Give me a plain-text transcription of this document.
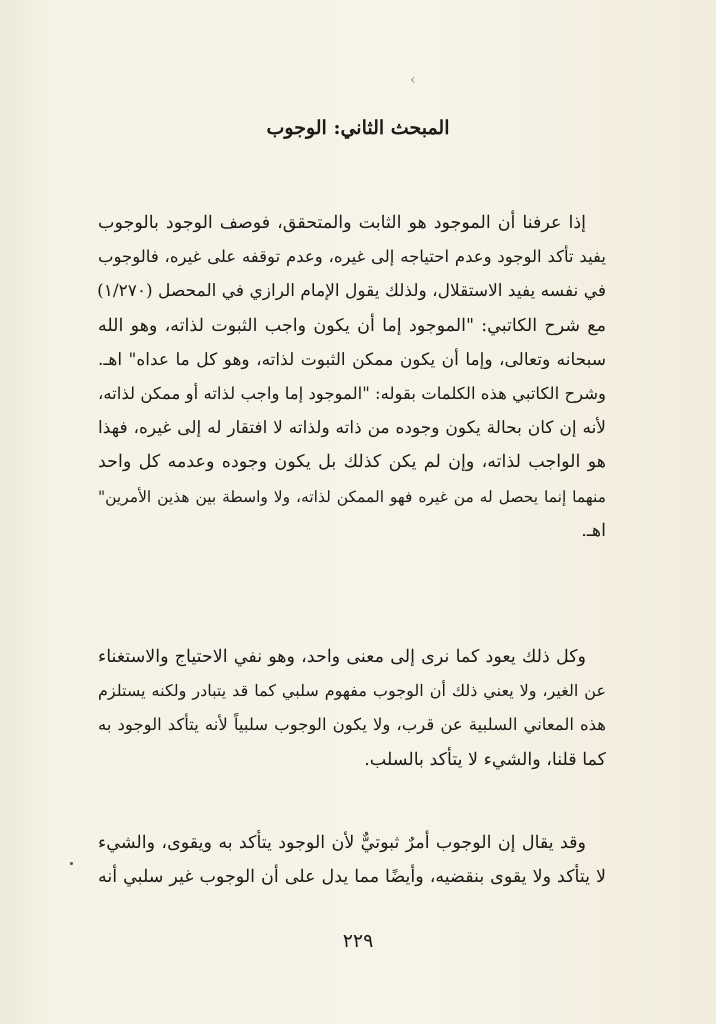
‹
المبحث الثاني: الوجوب
إذا عرفنا أن الموجود هو الثابت والمتحقق، فوصف الوجود بالوجوب
يفيد تأكد الوجود وعدم احتياجه إلى غيره، وعدم توقفه على غيره، فالوجوب
في نفسه يفيد الاستقلال، ولذلك يقول الإمام الرازي في المحصل (١/٢٧٠)
مع شرح الكاتبي: "الموجود إما أن يكون واجب الثبوت لذاته، وهو الله
سبحانه وتعالى، وإما أن يكون ممكن الثبوت لذاته، وهو كل ما عداه" اهـ.
وشرح الكاتبي هذه الكلمات بقوله: "الموجود إما واجب لذاته أو ممكن لذاته،
لأنه إن كان بحالة يكون وجوده من ذاته ولذاته لا افتقار له إلى غيره، فهذا
هو الواجب لذاته، وإن لم يكن كذلك بل يكون وجوده وعدمه كل واحد
منهما إنما يحصل له من غيره فهو الممكن لذاته، ولا واسطة بين هذين الأمرين"
اهـ.
وكل ذلك يعود كما نرى إلى معنى واحد، وهو نفي الاحتياج والاستغناء
عن الغير، ولا يعني ذلك أن الوجوب مفهوم سلبي كما قد يتبادر ولكنه يستلزم
هذه المعاني السلبية عن قرب، ولا يكون الوجوب سلبياً لأنه يتأكد الوجود به
كما قلنا، والشيء لا يتأكد بالسلب.
وقد يقال إن الوجوب أمرٌ ثبوتيٌّ لأن الوجود يتأكد به ويقوى، والشيء
لا يتأكد ولا يقوى بنقضيه، وأيضًا مما يدل على أن الوجوب غير سلبي أنه
٢٢٩
